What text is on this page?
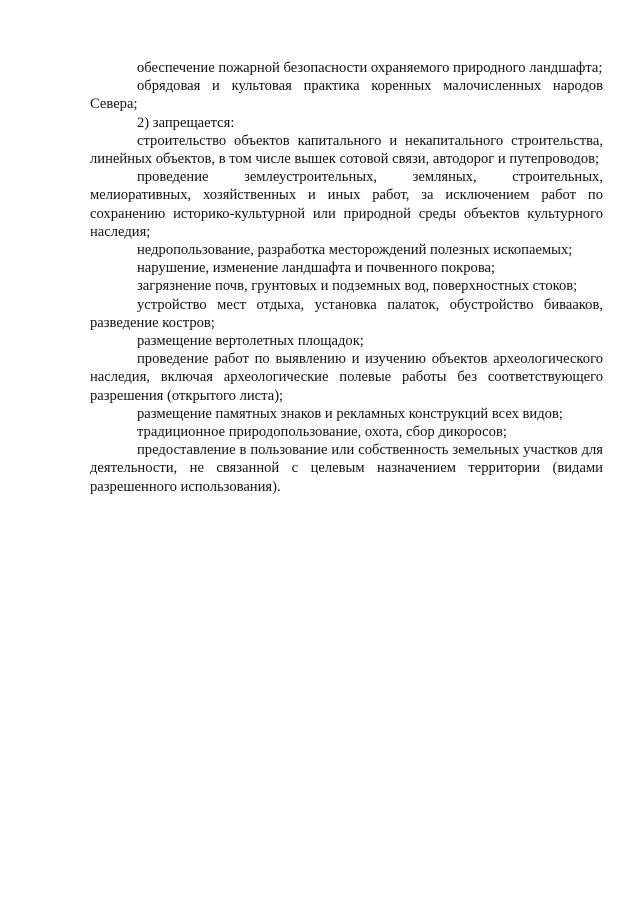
обеспечение пожарной безопасности охраняемого природного ландшафта;

обрядовая и культовая практика коренных малочисленных народов Севера;

2) запрещается:

строительство объектов капитального и некапитального строительства, линейных объектов, в том числе вышек сотовой связи, автодорог и путепроводов;

проведение землеустроительных, земляных, строительных, мелиоративных, хозяйственных и иных работ, за исключением работ по сохранению историко-культурной или природной среды объектов культурного наследия;

недропользование, разработка месторождений полезных ископаемых;

нарушение, изменение ландшафта и почвенного покрова;

загрязнение почв, грунтовых и подземных вод, поверхностных стоков;

устройство мест отдыха, установка палаток, обустройство бивааков, разведение костров;

размещение вертолетных площадок;

проведение работ по выявлению и изучению объектов археологического наследия, включая археологические полевые работы без соответствующего разрешения (открытого листа);

размещение памятных знаков и рекламных конструкций всех видов;

традиционное природопользование, охота, сбор дикоросов;

предоставление в пользование или собственность земельных участков для деятельности, не связанной с целевым назначением территории (видами разрешенного использования).
